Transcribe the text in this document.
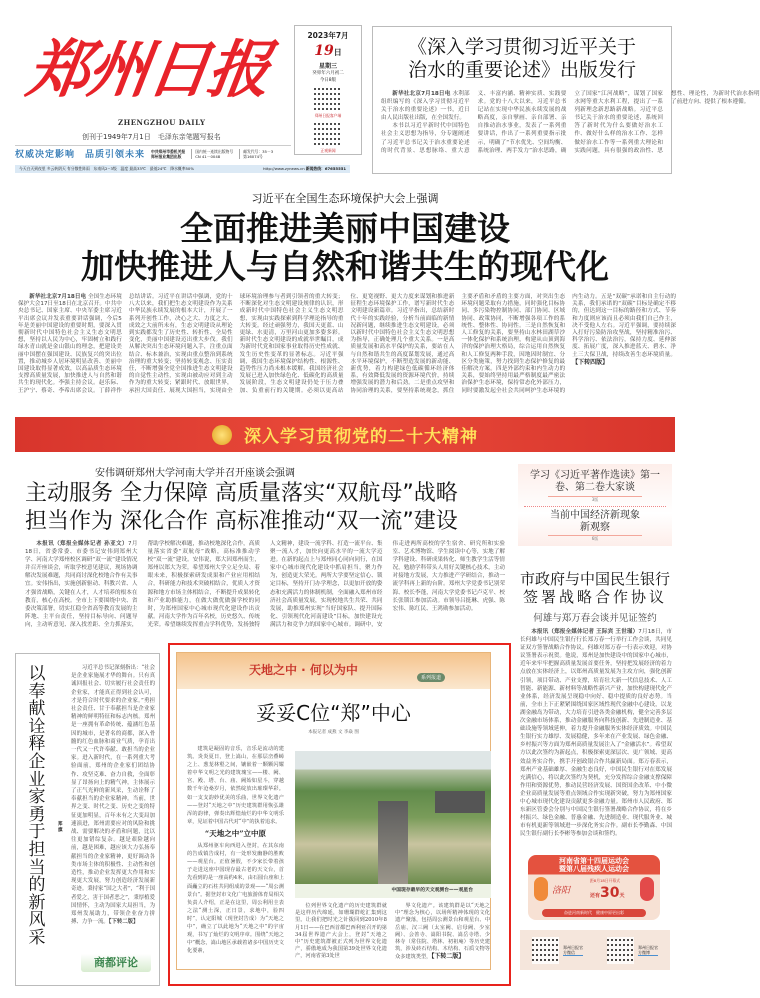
郑州日报
ZHENGZHOU DAILY
创刊于1949年7月1日　毛泽东亲笔题写报名
2023年7月
19日
星期三
癸卯年六月初二
今日8版
郑州日报客户端
正观新闻
权威决定影响　品质引领未来 中共郑州市委机关报
郑州报业集团出版
国内统一连续出版物号
CN 41－0048
邮发代号：35－3
第16074号
今天白天到夜里 多云转阴天 有分散性阵雨　东南风2~3级　温度 最高33℃　最低24℃　降水概率50%	http://www.zynews.cn 新闻热线：67655551
《深入学习贯彻习近平关于
治水的重要论述》出版发行

新华社北京7月18日电 水利部组织编写的《深入学习贯彻习近平关于治水的重要论述》一书，近日由人民出版社出版，在全国发行。

本书以习近平新时代中国特色社会主义思想为指导，分专题阐述了习近平总书记关于治水重要论述的时代背景、思想脉络、重大意义、丰富内涵、精神实质、实践要求。党的十八大以来，习近平总书记站在实现中华民族永续发展的战略高度，亲自擘画、亲自部署、亲自推动治水事业，发表了一系列重要讲话，作出了一系列重要指示批示，明确了“节水优先、空间均衡、系统治理、两手发力”治水思路，确立了国家“江河战略”，谋划了国家水网等重大水利工程，提出了一系列新理念新思路新战略。习近平总书记关于治水的重要论述，系统回答了新时代为什么要做好治水工作、做好什么样的治水工作、怎样做好治水工作等一系列重大理论和实践问题，具有很强的政治性、思想性、理论性，为新时代治水指明了前进方向、提供了根本遵循。

习近平在全国生态环境保护大会上强调
全面推进美丽中国建设
加快推进人与自然和谐共生的现代化

新华社北京7月18日电 全国生态环境保护大会17日至18日在北京召开。中共中央总书记、国家主席、中央军委主席习近平出席会议并发表重要讲话强调，今后5年是美丽中国建设的重要时期，要深入贯彻新时代中国特色社会主义生态文明思想，坚持以人民为中心，牢固树立和践行绿水青山就是金山银山的理念，把建设美丽中国摆在强国建设、民族复兴的突出位置，推动城乡人居环境明显改善、美丽中国建设取得显著成效，以高品质生态环境支撑高质量发展，加快推进人与自然和谐共生的现代化。李强主持会议。赵乐际、王沪宁、蔡奇、李希出席会议。丁薛祥作总结讲话。习近平在讲话中强调，党的十八大以来，我们把生态文明建设作为关系中华民族永续发展的根本大计，开展了一系列开创性工作，决心之大、力度之大、成效之大前所未有，生态文明建设从理论到实践都发生了历史性、转折性、全局性变化，美丽中国建设迈出重大步伐。我们从解决突出生态环境问题入手，注重点面结合、标本兼治，实现由重点整治到系统治理的重大转变；坚持转变观念、压实责任，不断增强全党全国推进生态文明建设的自觉性主动性，实现由被动应对到主动作为的重大转变；紧跟时代、放眼世界，承担大国责任、展现大国担当，实现由全球环境治理参与者到引领者的重大转变；不断深化对生态文明建设规律的认识，形成新时代中国特色社会主义生态文明思想，实现由实践探索到科学理论指导的重大转变。经过顽强努力，我国天更蓝、山更绿、水更清，万里河山更加多姿多彩。新时代生态文明建设的成就举世瞩目，成为新时代党和国家事业取得历史性成就、发生历史性变革的显著标志。习近平强调，我国生态环境保护结构性、根源性、趋势性压力尚未根本缓解。我国经济社会发展已进入加快绿色化、低碳化的高质量发展阶段，生态文明建设仍处于压力叠加、负重前行的关键期。必须以更高站位、更宽视野、更大力度来谋划和推进新征程生态环境保护工作，谱写新时代生态文明建设新篇章。习近平指出，总结新时代十年的实践经验，分析当前面临的新情况新问题，继续推进生态文明建设，必须以新时代中国特色社会主义生态文明思想为指导，正确处理几个重大关系。一是高质量发展和高水平保护的关系，要站在人与自然和谐共生的高度谋划发展，通过高水平环境保护，不断塑造发展的新动能、新优势，着力构建绿色低碳循环经济体系，有效降低发展的资源环境代价，持续增强发展的潜力和后劲。二是重点攻坚和协同治理的关系，要坚持系统观念，抓住主要矛盾和矛盾的主要方面，对突出生态环境问题采取有力措施，同时强化目标协同、多污染物控制协同、部门协同、区域协同、政策协同，不断增强各项工作的系统性、整体性、协同性。三是自然恢复和人工修复的关系，要坚持山水林田湖草沙一体化保护和系统治理，构建从山顶到海洋的保护治理大格局，综合运用自然恢复和人工修复两种手段，因地因时制宜、分区分类施策，努力找到生态保护修复的最佳解决方案。四是外部约束和内生动力的关系，要始终坚持用最严格制度最严密法治保护生态环境，保持常态化外部压力，同时要激发起全社会共同呵护生态环境的内生动力。五是“双碳”承诺和自主行动的关系，我们承诺的“双碳”目标是确定不移的，但达到这一目标的路径和方式、节奏和力度则应该而且必须由我们自己作主，决不受他人左右。习近平强调，要持续深入打好污染防治攻坚战，坚持精准治污、科学治污、依法治污，保持力度、延伸深度、拓展广度，深入推进蓝天、碧水、净土三大保卫战，持续改善生态环境质量。【下转四版】

深入学习贯彻党的二十大精神
安伟调研郑州大学河南大学并召开座谈会强调
主动服务 全力保障 高质量落实“双航母”战略
担当作为 深化合作 高标准推动“双一流”建设

本报讯（郑报全媒体记者 孙亚文）7月18日，省委常委、市委书记安伟到郑州大学、河南大学郑州校区调研“双一流”建设情况并召开座谈会，听取学校意见建议，现场协调解决发展难题，共同商讨深化校地合作有关事宜。安伟指出，实施创新驱动、科教兴省、人才强省战略，关键在人才，人才培养的根本在教育，核心在高校。全市上下要围绕中央、省委决策部署，切实扛稳全省高等教育发展的主阵地、主平台责任，坚持目标导向、问题导向，主动听意见、深入找差距、全力抓落实，帮助学校解决难题，推动校地深化合作，高质量落实省委“双航母”战略，高标准推动学校“双一流”建设。安伟说，郑大因郑州而生，郑州以郑大为荣。希望郑州大学立足全局、着眼未来，积极探索研发成果和产业应用相结合，科研能力和技术突破相结合，优质人才资源和地方市场主体相结合，不断提升成果转化和产业助推能力，在做大做优做强学校的同时，为郑州国家中心城市现代化建设作出贡献。河南大学作为百年名校，历史悠久、传统光荣。希望继续发挥重点学科优势，发扬独特人文精神，建设一流学科、打造一流平台、集聚一流人才，加快向更高水平的一流大学迈进。在新的起点上与郑州同心同向同行，在国家中心城市现代化建设中抓肩担当，聚力作为，创造更大荣光。两所大学要坚定信心、锁定目标，坚持开门办学理念，以更加开放的姿态和充满活力的体制机制，全面融入郑州市经济社会高质量发展，实现校地共生共荣、共同发展，助推郑州实现“当好国家队、提升国际化、引领现代化河南建设”目标，加快建设充满活力和竞争力的国家中心城市。调研中，安伟走进两所高校的学生宿舍、研究所和实验室、艺术博物馆、学生阅读中心等，实地了解学科建设、科研成果转化、师生教学生活等情况，勉励学科带头人用好关键核心技术，主动对接地方发展，大力推进产学研结合，推动一流学科再上新的台阶。郑州大学党委书记别荣海、校长李蓬，河南大学党委书记卢克平、校长张锁江参加活动。市领导吕挺琳、虎强、陈宏伟、陈红民、王鸿勋参加活动。

学习《习近平著作选读》第一卷、第二卷大家谈
3版
当前中国经济新现象新观察
6版
市政府与中国民生银行
签署战略合作协议
何雄与郑万春会谈并见证签约

本报讯（郑报全媒体记者 王际宾 王世瑾）7月18日，市长何雄与中国民生银行行长郑万春一行举行工作会谈，共同见证双方签署战略合作协议。何雄对郑万春一行表示欢迎，对协议签署表示祝贺。他说，郑州是加快建设中的国家中心城市，近年来牢牢把握高质量发展首要任务，坚持把发展经济的着力点放在实体经济上，以郑州高质量发展为主攻方向，强化创新引领，项目带动、产业支撑，培育壮大新一代信息技术、人工智能、新能源、新材料等战略性新兴产业，加快构建现代化产业体系，经济发展呈现稳中向好、稳中提质的良好态势。当前，全市上下正紧紧围绕国家区域性现代金融中心建设，以龙湖金融岛为带动，大力培育引进各类金融机构，健全完善多层次金融市场体系，推动金融服务向科技创新、先进制造业、基础设施等领域延伸，着力提升金融服务实体经济质效。中国民生银行实力雄厚、发展稳健，多年来在产业发展、绿色金融、乡村振兴等方面为郑州高质量发展注入了“金融活水”。希望双方以此次签约为新起点，积极探索更深层次、更广领域、更高效益务实合作，携手开创政银合作共赢新局面。郑万春表示，郑州产业基础雄厚、金融生态良好，中国民生银行对在郑发展充满信心，将以此次签约为契机，充分发挥综合金融支撑保障作用和资源优势，推动民营经济发展、国资国企改革、中小微企业高质量发展等重点领域合作实现新突破，努力为郑州国家中心城市现代化建设贡献更多金融力量。郑州市人民政府、郑东新区管委会分别与中国民生银行签署战略合作协议，将在乡村振兴、绿色金融、普惠金融、先进制造业、现代服务业、城市有机更新等领域进一步深化务实合作。副市长李勤森、中国民生银行副行长李彬等参加会谈和签约。

河南省第十四届运动会
暨第八届残疾人运动会
洛阳
距8月18日开幕式
还有30天
奋进河南新时代　健康中原更出彩
郑州日报官方微信
郑州日报官方微博
以奉献诠释企业家勇于担当的新风采
郑旗

习近平总书记深刻指出：“社会是企业家施展才华的舞台。只有真诚回报社会、切实履行社会责任的企业家，才能真正得到社会认可，才是符合时代要求的企业家。”勇担社会责任、甘于奉献担当是企业家精神的鲜明特征和标志内核。郑州是一座拥有革命传统、蕴涵红色基因的城市，是著名的商都，深入骨髓的红色血脉和商业气质，孕育出一代又一代许奉献、敢担当的企业家。进入新时代，在一系列重大考验面前，郑州的企业家们团结协作、攻坚克难、奋力自救，全面彰显了昂扬向上的精气神，主体展示了正气光鲜的新风采，生动诠释了奉献担当的企业家精神。当前，世界之变、时代之变、历史之变的特征更加明显，百年未有之大变局加速演进，郑州需要应对的风险和挑战、需要解决的矛盾和问题，比以往更加错综复杂。越是艰险越向前，越是困难，越应该大力弘扬奉献担当的企业家精神，更好调动各类市场主体的积极性、主动性和创造性，推动企业发挥更大作用和实现更大发展，努力创造经济发展新奇迹。秉持家“国之大者”，“利于国者爱之，害于国者恶之”，秉厚植爱国情怀，主动为国家大局担当，为郑州发展助力，带领企业奋力拼搏、力争一流。【下转二版】

商都评论
天地之中 · 何以为中
系列报道
妥妥C位“郑”中心
本报记者 成燕 文 李焱 图

建筑是凝固的音乐，音乐是流动的建筑。炎炎夏日，登上嵩山，在那层峦叠嶂之上、葱茏林壑之间，镶嵌着一颗颗闪耀着中华文明之光的建筑瑰宝——楼、阙、宫、殿、塔、台、庙、阙始如星斗，穿越数千年沧桑岁月，依然绽放出璀璨华彩。如一支支韵妙优美的乐曲，世界文化遗产——登封“天地之中”历史建筑群用恢弘雄浑的韵律，弹奏出辉煌灿烂的中华文明乐章，见证着中国古代对“中”的执着追求。

“天地之中”立中原

从郑州驱车向西进入登封，在其东南的告成镇告成村，有一处形发幽静的胜败——观星台。正值暑假，不少家长带着孩子走进这座中国现存最古老的天文台，首先看到的是一座高约4米，由石圆台座和上面矗立的石柱共同组成的景观——“周公测景台”。据登封市文化广电旅游体育局相关负责人介绍，正是在这里，周公利用圭表之法“测土深，正日景，求地中，验四时”，认定阳城（现登封告成）为“天地之中”，确立了以此地为“天地之中”的宇宙观，书写了灿烂的文明序章。围绕“天地之中”概念，嵩山地区承载着诸多中国历史文化要素，

中国现存最早的天文观测台——观星台

位列世界文化遗产的历史建筑群就是这样历代绵延，如珊瑚群屹汇集到这里。让我们把时光之针拨回到2010年8月1日——在巴西首都巴西利亚召开的第34届世界遗产大会上，登封“天地之中”历史建筑群被正式列为世界文化遗产，骄傲地成为我国第39处世界文化遗产，河南省第3处世

界文化遗产。该建筑群是以“天地之中”理念为核心，以场所精神体现的文化遗产聚落，包括周公测景台和观星台、中岳庙、汉三阙（太室阙、启母阙、少室阙）、会善寺、嵩阳书院、嵩岳寺塔、少林寺（常住院、塔林、初祖庵）等历史建筑，涉及砖石结构、木结构、石质文物等众多建筑类型，【下转二版】
